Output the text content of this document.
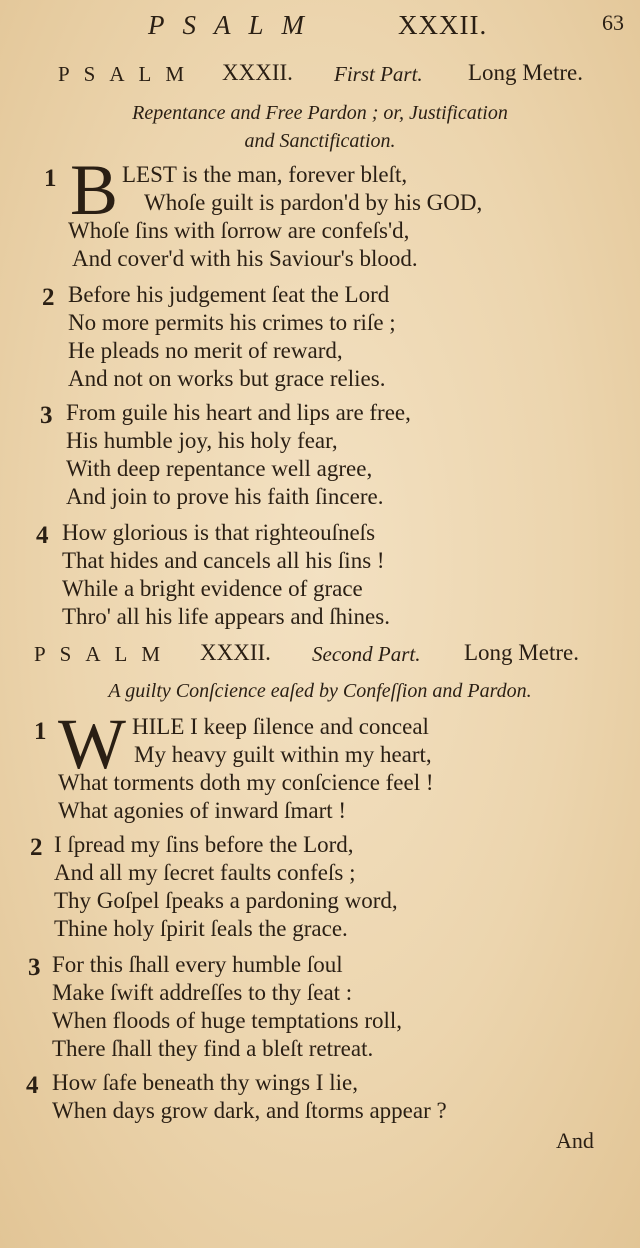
PSALM	XXXII.	63
PSALM XXXII. First Part. Long Metre.
Repentance and Free Pardon ; or, Justification
and Sanctification.
1 B LEST is the man, forever bleſt,
Whoſe guilt is pardon'd by his GOD,
Whoſe ſins with ſorrow are confeſs'd,
And cover'd with his Saviour's blood.
2 Before his judgement ſeat the Lord
No more permits his crimes to riſe ;
He pleads no merit of reward,
And not on works but grace relies.
3 From guile his heart and lips are free,
His humble joy, his holy fear,
With deep repentance well agree,
And join to prove his faith ſincere.
4 How glorious is that righteouſneſs
That hides and cancels all his ſins !
While a bright evidence of grace
Thro' all his life appears and ſhines.
PSALM XXXII. Second Part. Long Metre.
A guilty Conſcience eaſed by Confeſſion and Pardon.
1 W HILE I keep ſilence and conceal
My heavy guilt within my heart,
What torments doth my conſcience feel !
What agonies of inward ſmart !
2 I ſpread my ſins before the Lord,
And all my ſecret faults confeſs ;
Thy Goſpel ſpeaks a pardoning word,
Thine holy ſpirit ſeals the grace.
3 For this ſhall every humble ſoul
Make ſwift addreſſes to thy ſeat :
When floods of huge temptations roll,
There ſhall they find a bleſt retreat.
4 How ſafe beneath thy wings I lie,
When days grow dark, and ſtorms appear ?
And
